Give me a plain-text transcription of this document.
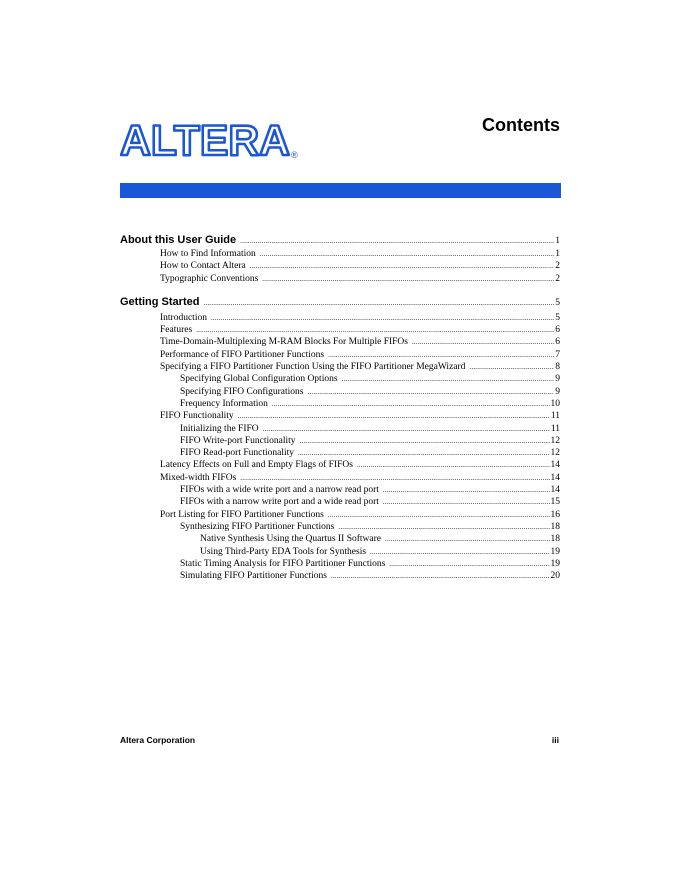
ALTERA ®
Contents
About this User Guide .....	1
How to Find Information .....	1
How to Contact Altera .....	2
Typographic Conventions .....	2
Getting Started .....	5
Introduction .....	5
Features .....	6
Time-Domain-Multiplexing M-RAM Blocks For Multiple FIFOs .....	6
Performance of FIFO Partitioner Functions .....	7
Specifying a FIFO Partitioner Function Using the FIFO Partitioner MegaWizard .....	8
Specifying Global Configuration Options .....	9
Specifying FIFO Configurations .....	9
Frequency Information .....	10
FIFO Functionality .....	11
Initializing the FIFO .....	11
FIFO Write-port Functionality .....	12
FIFO Read-port Functionality .....	12
Latency Effects on Full and Empty Flags of FIFOs .....	14
Mixed-width FIFOs .....	14
FIFOs with a wide write port and a narrow read port .....	14
FIFOs with a narrow write port and a wide read port .....	15
Port Listing for FIFO Partitioner Functions .....	16
Synthesizing FIFO Partitioner Functions .....	18
Native Synthesis Using the Quartus II Software .....	18
Using Third-Party EDA Tools for Synthesis .....	19
Static Timing Analysis for FIFO Partitioner Functions .....	19
Simulating FIFO Partitioner Functions .....	20
Altera Corporation	iii
